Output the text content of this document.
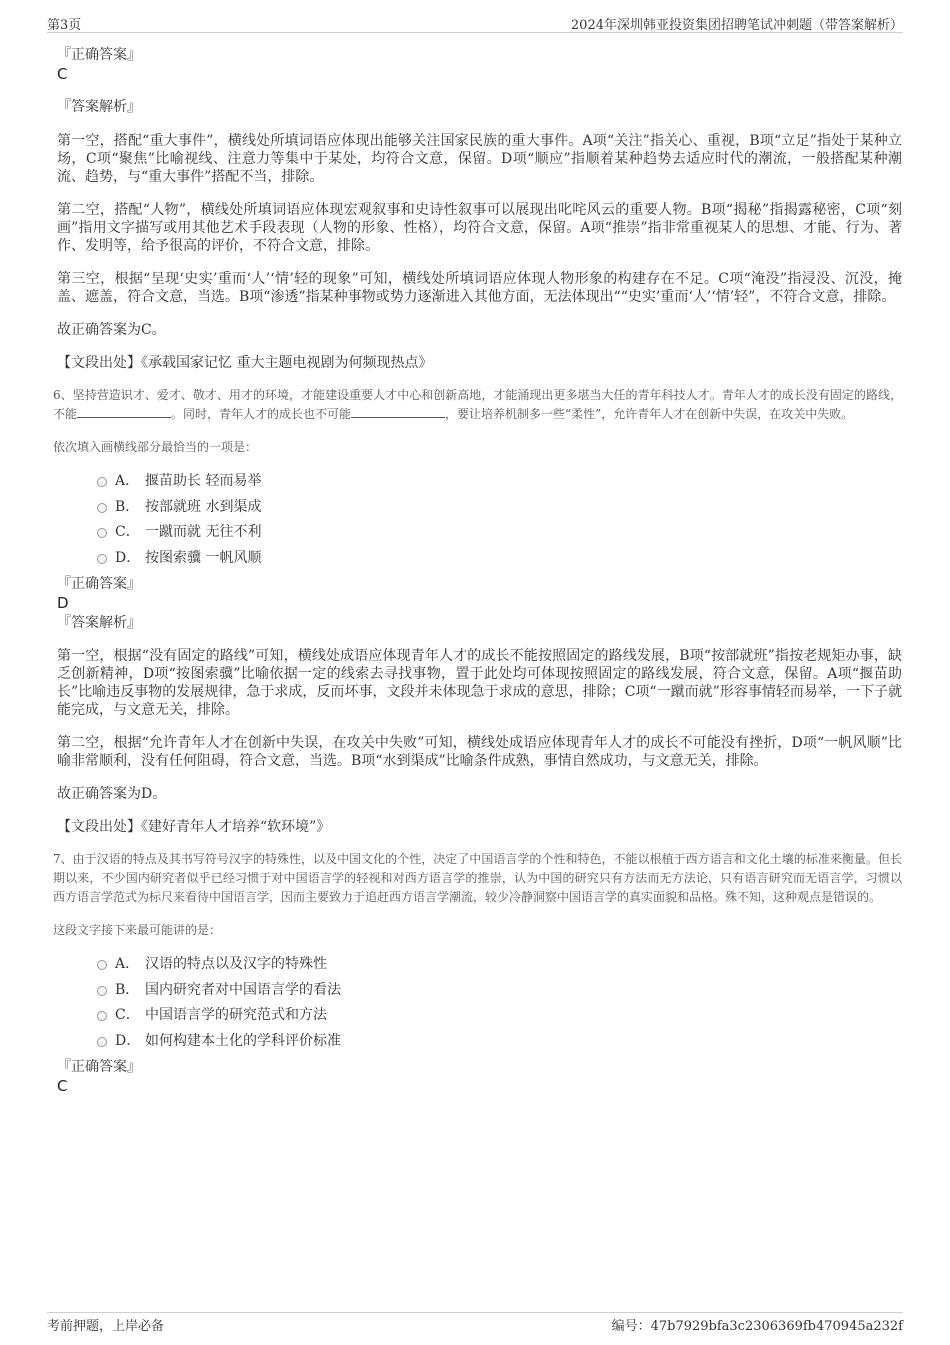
第3页	2024年深圳韩亚投资集团招聘笔试冲刺题（带答案解析）
『正确答案』
C
『答案解析』
第一空，搭配“重大事件”，横线处所填词语应体现出能够关注国家民族的重大事件。A项“关注”指关心、重视，B项“立足”指处于某种立场，C项“聚焦”比喻视线、注意力等集中于某处，均符合文意，保留。D项“顺应”指顺着某种趋势去适应时代的潮流，一般搭配某种潮流、趋势，与“重大事件”搭配不当，排除。
第二空，搭配“人物”，横线处所填词语应体现宏观叙事和史诗性叙事可以展现出叱咤风云的重要人物。B项“揭秘”指揭露秘密，C项“刻画”指用文字描写或用其他艺术手段表现（人物的形象、性格），均符合文意，保留。A项“推崇”指非常重视某人的思想、才能、行为、著作、发明等，给予很高的评价，不符合文意，排除。
第三空，根据“呈现‘史实’重而‘人’‘情’轻的现象”可知，横线处所填词语应体现人物形象的构建存在不足。C项“淹没”指浸没、沉没，掩盖、遮盖，符合文意，当选。B项“渗透”指某种事物或势力逐渐进入其他方面，无法体现出““史实’重而‘人’‘情’轻”，不符合文意，排除。
故正确答案为C。
【文段出处】《承载国家记忆 重大主题电视剧为何频现热点》
6、坚持营造识才、爱才、敬才、用才的环境，才能建设重要人才中心和创新高地，才能涌现出更多堪当大任的青年科技人才。青年人才的成长没有固定的路线，不能	。同时，青年人才的成长也不可能	，要让培养机制多一些“柔性”，允许青年人才在创新中失误，在攻关中失败。
依次填入画横线部分最恰当的一项是：
A． 揠苗助长 轻而易举
B． 按部就班 水到渠成
C． 一蹴而就 无往不利
D． 按图索骥 一帆风顺
『正确答案』
D
『答案解析』
第一空，根据“没有固定的路线”可知，横线处成语应体现青年人才的成长不能按照固定的路线发展，B项“按部就班”指按老规矩办事，缺乏创新精神，D项“按图索骥”比喻依据一定的线索去寻找事物，置于此处均可体现按照固定的路线发展，符合文意，保留。A项“揠苗助长”比喻违反事物的发展规律，急于求成，反而坏事，文段并未体现急于求成的意思，排除；C项“一蹴而就”形容事情轻而易举，一下子就能完成，与文意无关，排除。
第二空，根据“允许青年人才在创新中失误，在攻关中失败”可知，横线处成语应体现青年人才的成长不可能没有挫折，D项“一帆风顺”比喻非常顺利，没有任何阻碍，符合文意，当选。B项“水到渠成”比喻条件成熟，事情自然成功，与文意无关，排除。
故正确答案为D。
【文段出处】《建好青年人才培养“软环境”》
7、由于汉语的特点及其书写符号汉字的特殊性，以及中国文化的个性，决定了中国语言学的个性和特色，不能以根植于西方语言和文化土壤的标准来衡量。但长期以来，不少国内研究者似乎已经习惯于对中国语言学的轻视和对西方语言学的推崇，认为中国的研究只有方法而无方法论，只有语言研究而无语言学，习惯以西方语言学范式为标尺来看待中国语言学，因而主要致力于追赶西方语言学潮流，较少冷静洞察中国语言学的真实面貌和品格。殊不知，这种观点是错误的。
这段文字接下来最可能讲的是：
A． 汉语的特点以及汉字的特殊性
B． 国内研究者对中国语言学的看法
C． 中国语言学的研究范式和方法
D． 如何构建本土化的学科评价标准
『正确答案』
C
考前押题，上岸必备	编号：47b7929bfa3c2306369fb470945a232f
